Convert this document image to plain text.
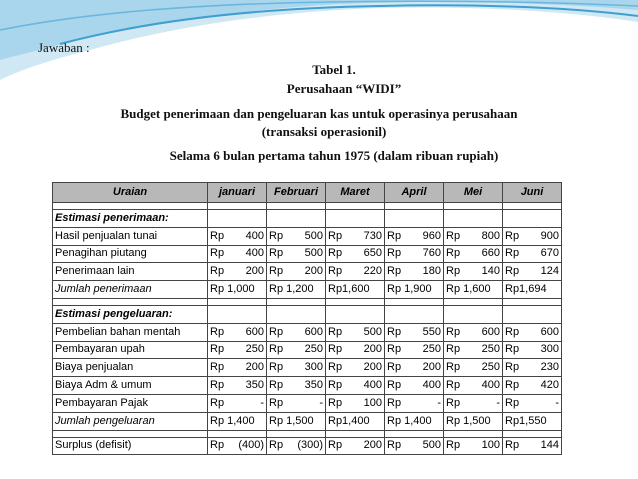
Jawaban :
Tabel 1.
Perusahaan “WIDI”
Budget penerimaan dan pengeluaran kas untuk operasinya perusahaan
(transaksi operasionil)
Selama 6 bulan pertama tahun 1975 (dalam ribuan rupiah)
Uraian	januari	Februari	Maret	April	Mei	Juni

Estimasi penerimaan:						
Hasil penjualan tunai	Rp 400	Rp 500	Rp 730	Rp 960	Rp 800	Rp 900

Penagihan piutang	Rp 400	Rp 500	Rp 650	Rp 760	Rp 660	Rp 670

Penerimaan lain	Rp 200	Rp 200	Rp 220	Rp 180	Rp 140	Rp 124

Jumlah penerimaan	Rp 1,000	Rp 1,200	Rp1,600	Rp 1,900	Rp 1,600	Rp1,694

Estimasi pengeluaran:						
Pembelian bahan mentah	Rp 600	Rp 600	Rp 500	Rp 550	Rp 600	Rp 600

Pembayaran upah	Rp 250	Rp 250	Rp 200	Rp 250	Rp 250	Rp 300

Biaya penjualan	Rp 200	Rp 300	Rp 200	Rp 200	Rp 250	Rp 230

Biaya Adm & umum	Rp 350	Rp 350	Rp 400	Rp 400	Rp 400	Rp 420

Pembayaran Pajak	Rp -	Rp -	Rp 100	Rp -	Rp -	Rp -

Jumlah pengeluaran	Rp 1,400	Rp 1,500	Rp1,400	Rp 1,400	Rp 1,500	Rp1,550

Surplus (defisit)	Rp (400)	Rp (300)	Rp 200	Rp 500	Rp 100	Rp 144
